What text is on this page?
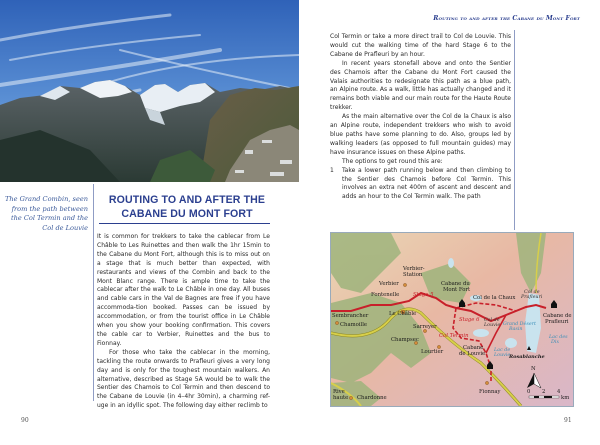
The Grand Combin, seen from the path between the Col Termin and the Col de Louvie
ROUTING TO AND AFTER THE
CABANE DU MONT FORT

It is common for trekkers to take the cablecar from Le Châble to Les Ruinettes and then walk the 1hr 15min to the Cabane du Mont Fort, although this is to miss out on a stage that is much better than expected, with restaurants and views of the Combin and back to the Mont Blanc range. There is ample time to take the cablecar after the walk to Le Châble in one day. All buses and cable cars in the Val de Bagnes are free if you have accommoda-tion booked. Passes can be issued by accommodation, or from the tourist office in Le Châble when you show your booking confirmation. This covers the cable car to Verbier, Ruinettes and the bus to Fionnay.

For those who take the cablecar in the morning, tackling the route onwards to Prafleuri gives a very long day and is only for the toughest mountain walkers. An alternative, described as Stage 5A would be to walk the Sentier des Chamois to Col Termin and then descend to the Cabane de Louvie (in 4–4hr 30min), a charming ref-uge in an idyllic spot. The following day either reclimb to

90
Routing to and after the Cabane du Mont Fort

Col Termin or take a more direct trail to Col de Louvie. This would cut the walking time of the hard Stage 6 to the Cabane de Prafleuri by an hour.

In recent years stonefall above and onto the Sentier des Chamois after the Cabane du Mont Fort caused the Valais authorities to redesignate this path as a blue path, an Alpine route. As a walk, little has actually changed and it remains both viable and our main route for the Haute Route trekker.

As the main alternative over the Col de la Chaux is also an Alpine route, independent trekkers who wish to avoid blue paths have some planning to do. Also, groups led by walking leaders (as opposed to full mountain guides) may have insurance issues on these Alpine paths.

The options to get round this are:

1	Take a lower path running below and then climbing to the Sentier des Chamois before Col Termin. This involves an extra net 400m of ascent and descent and adds an hour to the Col Termin walk. The path
Verbier-Station
Verbier
Fontenelle
Le Châble
Sembrancher
Chamoille	Sarreyer
Champsec
Lourtier
Cabane du Mont Fort
Col de la Chaux
Stage 5
Stage 6
Col Termin
Cabane de Louvie
Lac de Louvie
Col de Louvie Grand Désert Basin
Col de Prafleuri
Cabane de Prafleuri
Rosablanche
Lac des Dix
Fionnay
Rive haute Chardonne
N
0 2 4
km
91
